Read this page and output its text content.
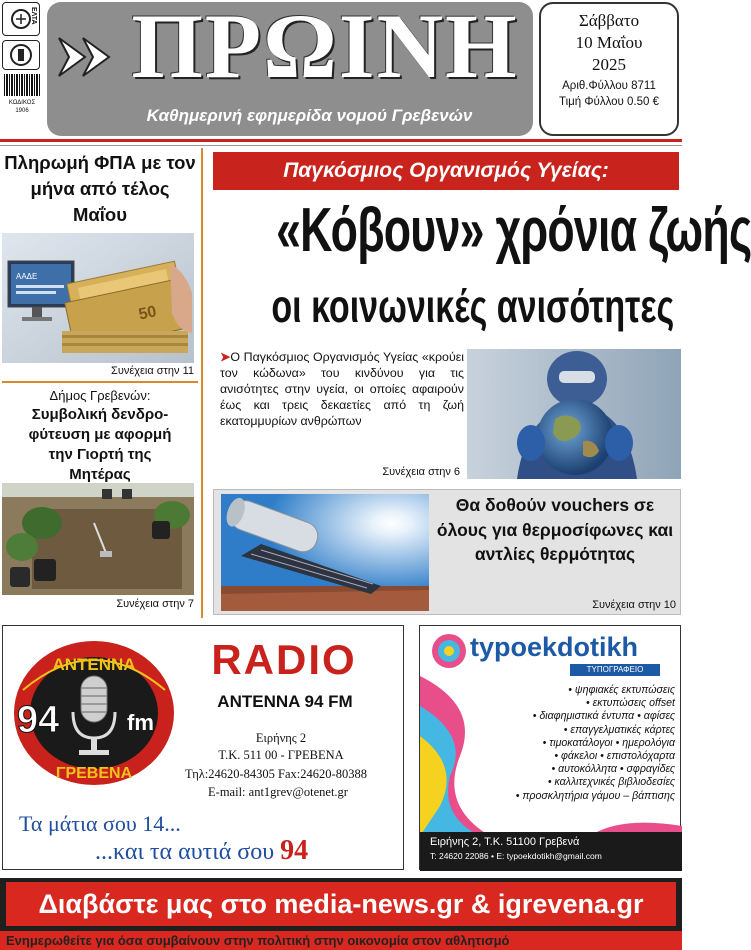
ΕΛΤΑ
ΚΩΔΙΚΟΣ
1906
ΠΡΩΙΝΗ
Καθημερινή εφημερίδα νομού Γρεβενών
Σάββατο
10 Μαΐου
2025
Αριθ.Φύλλου 8711
Τιμή Φύλλου 0.50 €
Πληρωμή ΦΠΑ με τον μήνα από τέλος Μαΐου
ΑΑΔΕ
50
Συνέχεια στην 11
Δήμος Γρεβενών:
Συμβολική δενδρο-φύτευση με αφορμή την Γιορτή της Μητέρας
Συνέχεια στην 7
Παγκόσμιος Οργανισμός Υγείας:
«Κόβουν» χρόνια ζωής
οι κοινωνικές ανισότητες
➤Ο Παγκόσμιος Οργανισμός Υγείας «κρούει τον κώδωνα» του κινδύνου για τις ανισότητες στην υγεία, οι οποίες αφαιρούν έως και τρεις δεκαετίες από τη ζωή εκατομμυρίων ανθρώπων
Συνέχεια στην 6
Θα δοθούν vouchers σε όλους για θερμοσίφωνες και αντλίες θερμότητας
Συνέχεια στην 10
ΑΝΤΕΝΝΑ
ΓΡΕΒΕΝΑ
94	fm
RADIO
ANTENNA 94 FM
Ειρήνης 2
Τ.Κ. 511 00 - ΓΡΕΒΕΝΑ
Τηλ:24620-84305 Fax:24620-80388
E-mail: ant1grev@otenet.gr
Τα μάτια σου 14...
...και τα αυτιά σου 94
typoekdotikh
ΤΥΠΟΓΡΑΦΕΙΟ
• ψηφιακές εκτυπώσεις
• εκτυπώσεις offset
• διαφημιστικά έντυπα • αφίσες
• επαγγελματικές κάρτες
• τιμοκατάλογοι • ημερολόγια
• φάκελοι • επιστολόχαρτα
• αυτοκόλλητα • σφραγίδες
• καλλιτεχνικές βιβλιοδεσίες
• προσκλητήρια γάμου – βάπτισης
Ειρήνης 2, Τ.Κ. 51100 Γρεβενά
Τ: 24620 22086 • Ε: typoekdotikh@gmail.com
Διαβάστε μας στο media-news.gr & igrevena.gr
Ενημερωθείτε για όσα συμβαίνουν στην πολιτική στην οικονομία στον αθλητισμό
